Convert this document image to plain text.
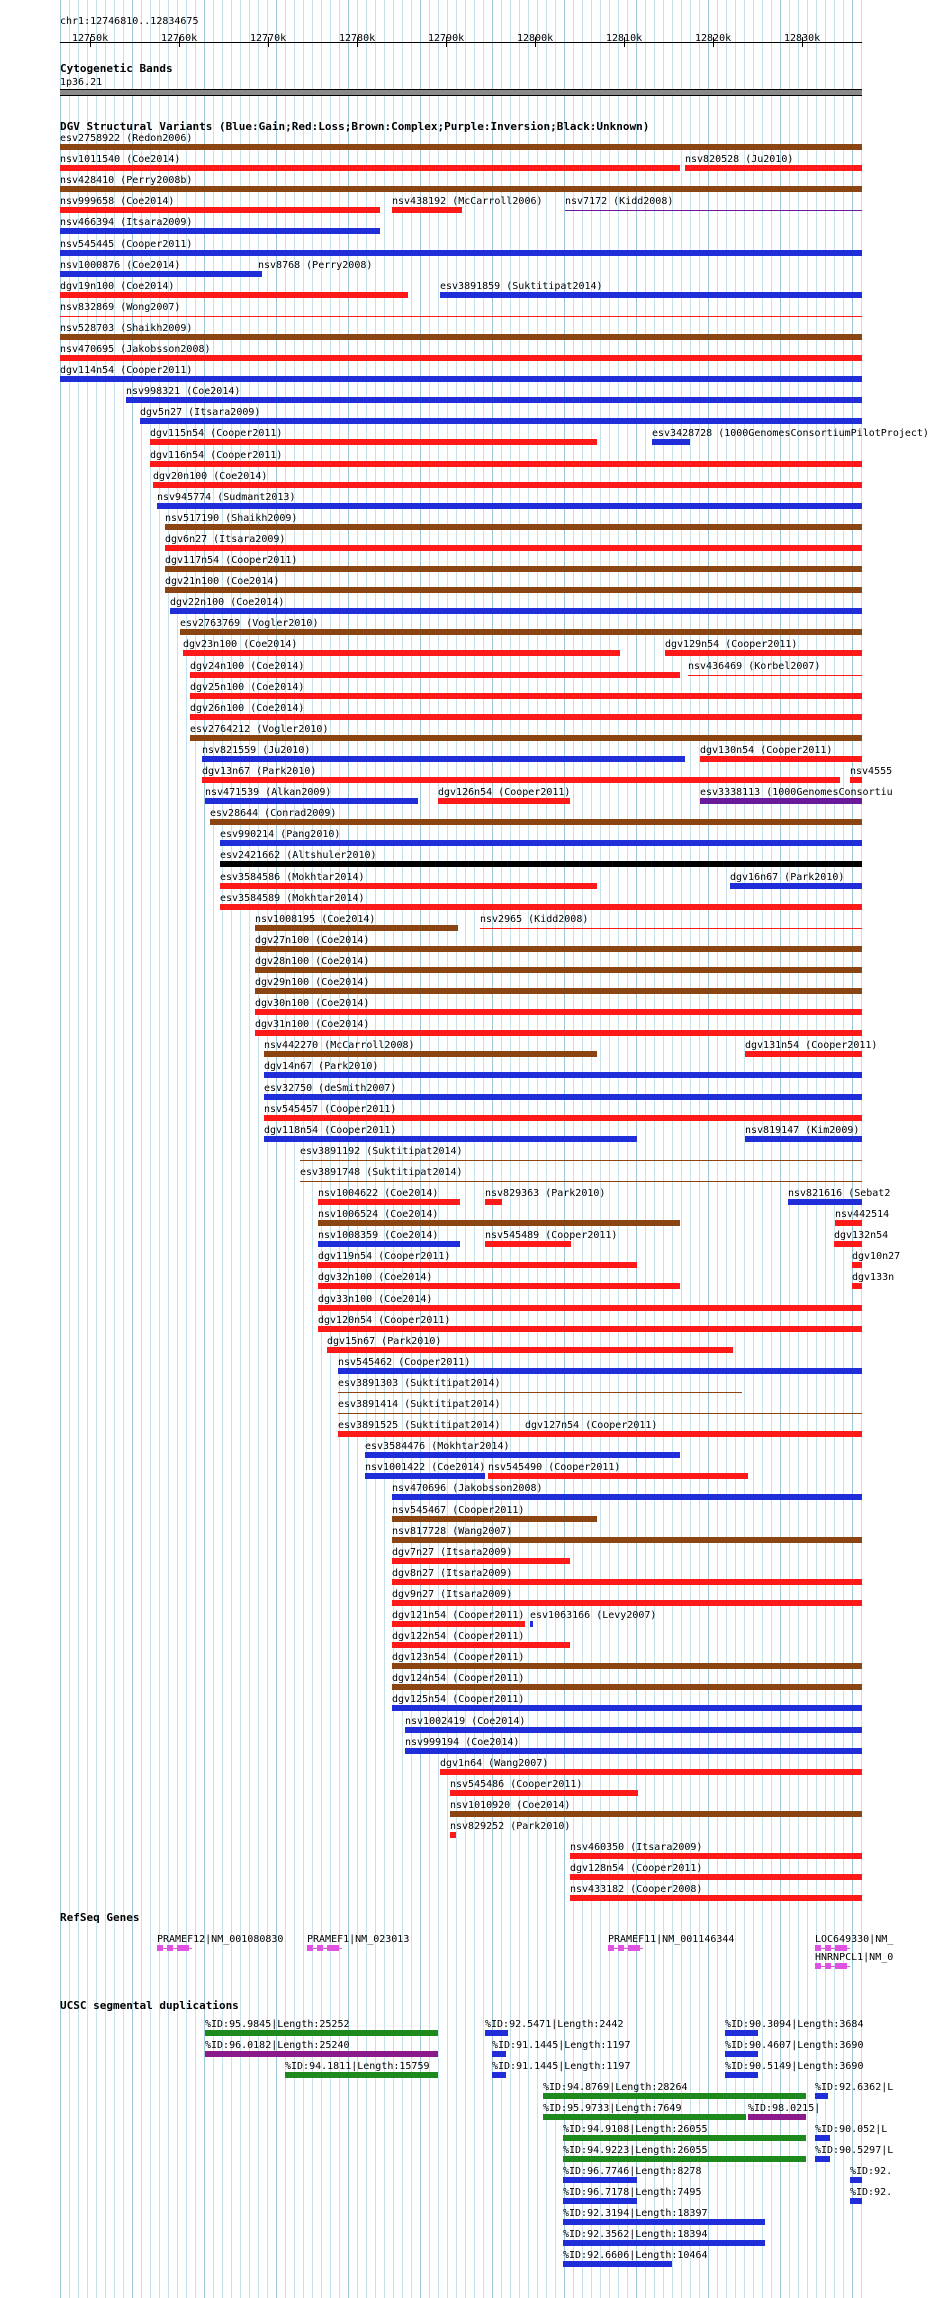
chr1:12746810..12834675
12750k	12760k	12770k	12780k	12790k	12800k	12810k	12820k	12830k
Cytogenetic Bands
1p36.21
DGV Structural Variants (Blue:Gain;Red:Loss;Brown:Complex;Purple:Inversion;Black:Unknown)
esv2758922 (Redon2006)
nsv1011540 (Coe2014)	nsv820528 (Ju2010)
nsv428410 (Perry2008b)
nsv999658 (Coe2014)	nsv438192 (McCarroll2006) nsv7172 (Kidd2008)
nsv466394 (Itsara2009)
nsv545445 (Cooper2011)
nsv1000876 (Coe2014)	nsv8768 (Perry2008)
dgv19n100 (Coe2014)	esv3891859 (Suktitipat2014)
nsv832869 (Wong2007)
nsv528703 (Shaikh2009)
nsv470695 (Jakobsson2008)
dgv114n54 (Cooper2011)
nsv998321 (Coe2014)
dgv5n27 (Itsara2009)
dgv115n54 (Cooper2011)	esv3428728 (1000GenomesConsortiumPilotProject)
dgv116n54 (Cooper2011)
dgv20n100 (Coe2014)
nsv945774 (Sudmant2013)
nsv517190 (Shaikh2009)
dgv6n27 (Itsara2009)
dgv117n54 (Cooper2011)
dgv21n100 (Coe2014)
dgv22n100 (Coe2014)
esv2763769 (Vogler2010)
dgv23n100 (Coe2014)	dgv129n54 (Cooper2011)
dgv24n100 (Coe2014)	nsv436469 (Korbel2007)
dgv25n100 (Coe2014)
dgv26n100 (Coe2014)
esv2764212 (Vogler2010)
nsv821559 (Ju2010)	dgv130n54 (Cooper2011)
dgv13n67 (Park2010)	nsv4555
nsv471539 (Alkan2009)	dgv126n54 (Cooper2011)	esv3338113 (1000GenomesConsortiu
esv28644 (Conrad2009)
esv990214 (Pang2010)
esv2421662 (Altshuler2010)
esv3584586 (Mokhtar2014)	dgv16n67 (Park2010)
esv3584589 (Mokhtar2014)
nsv1008195 (Coe2014)	nsv2965 (Kidd2008)
dgv27n100 (Coe2014)
dgv28n100 (Coe2014)
dgv29n100 (Coe2014)
dgv30n100 (Coe2014)
dgv31n100 (Coe2014)
nsv442270 (McCarroll2008)	dgv131n54 (Cooper2011)
dgv14n67 (Park2010)
esv32750 (deSmith2007)
nsv545457 (Cooper2011)
dgv118n54 (Cooper2011)	nsv819147 (Kim2009)
esv3891192 (Suktitipat2014)
esv3891748 (Suktitipat2014)
nsv1004622 (Coe2014)	nsv829363 (Park2010)	nsv821616 (Sebat2
nsv1006524 (Coe2014)	nsv442514
nsv1008359 (Coe2014)	nsv545489 (Cooper2011)	dgv132n54
dgv119n54 (Cooper2011)	dgv10n27
dgv32n100 (Coe2014)	dgv133n
dgv33n100 (Coe2014)
dgv120n54 (Cooper2011)
dgv15n67 (Park2010)
nsv545462 (Cooper2011)
esv3891303 (Suktitipat2014)
esv3891414 (Suktitipat2014)
esv3891525 (Suktitipat2014) dgv127n54 (Cooper2011)
esv3584476 (Mokhtar2014)
nsv1001422 (Coe2014) nsv545490 (Cooper2011)
nsv470696 (Jakobsson2008)
nsv545467 (Cooper2011)
nsv817728 (Wang2007)
dgv7n27 (Itsara2009)
dgv8n27 (Itsara2009)
dgv9n27 (Itsara2009)
dgv121n54 (Cooper2011) esv1063166 (Levy2007)
dgv122n54 (Cooper2011)
dgv123n54 (Cooper2011)
dgv124n54 (Cooper2011)
dgv125n54 (Cooper2011)
nsv1002419 (Coe2014)
nsv999194 (Coe2014)
dgv1n64 (Wang2007)
nsv545486 (Cooper2011)
nsv1010920 (Coe2014)
nsv829252 (Park2010)
nsv460350 (Itsara2009)
dgv128n54 (Cooper2011)
nsv433182 (Cooper2008)
RefSeq Genes
PRAMEF12|NM_001080830 PRAMEF1|NM_023013	PRAMEF11|NM_001146344	LOC649330|NM_
HNRNPCL1|NM_0
UCSC segmental duplications
%ID:95.9845|Length:25252	%ID:92.5471|Length:2442	%ID:90.3094|Length:3684
%ID:96.0182|Length:25240	%ID:91.1445|Length:1197	%ID:90.4607|Length:3690
%ID:94.1811|Length:15759	%ID:91.1445|Length:1197	%ID:90.5149|Length:3690
%ID:94.8769|Length:28264	%ID:92.6362|L
%ID:95.9733|Length:7649	%ID:98.0215|
%ID:94.9108|Length:26055	%ID:90.052|L
%ID:94.9223|Length:26055	%ID:90.5297|L
%ID:96.7746|Length:8278	%ID:92.
%ID:96.7178|Length:7495	%ID:92.
%ID:92.3194|Length:18397
%ID:92.3562|Length:18394
%ID:92.6606|Length:10464
